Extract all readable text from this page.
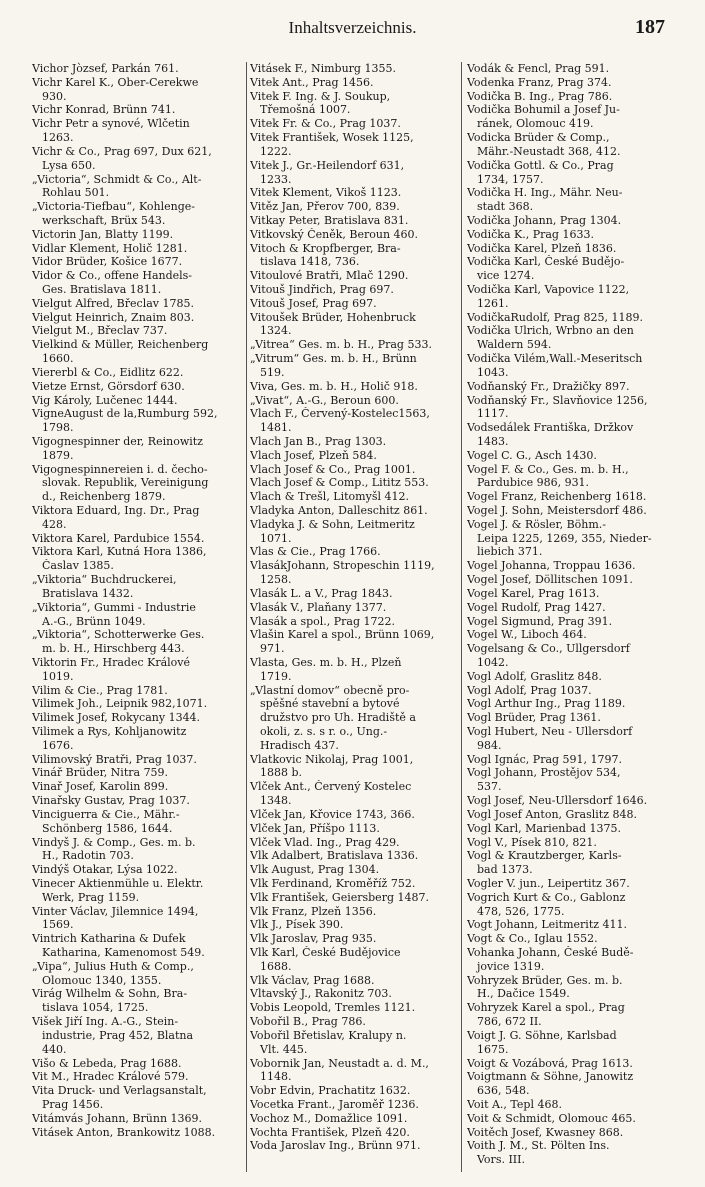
Inhaltsverzeichnis.	187
Vichor Jòzsef, Parkán 761.
Vichr Karel K., Ober-Cerekwe
930.
Vichr Konrad, Brünn 741.
Vichr Petr a synové, Wlčetin
1263.
Vichr & Co., Prag 697, Dux 621,
Lysa 650.
„Victoria“, Schmidt & Co., Alt-
Rohlau 501.
„Victoria-Tiefbau“, Kohlenge-
werkschaft, Brüx 543.
Victorin Jan, Blatty 1199.
Vidlar Klement, Holič 1281.
Vidor Brüder, Košice 1677.
Vidor & Co., offene Handels-
Ges. Bratislava 1811.
Vielgut Alfred, Břeclav 1785.
Vielgut Heinrich, Znaim 803.
Vielgut M., Břeclav 737.
Vielkind & Müller, Reichenberg
1660.
Viererbl & Co., Eidlitz 622.
Vietze Ernst, Görsdorf 630.
Vig Károly, Lučenec 1444.
VigneAugust de la,Rumburg 592,
1798.
Vigognespinner der, Reinowitz
1879.
Vigognespinnereien i. d. čecho-
slovak. Republik, Vereinigung
d., Reichenberg 1879.
Viktora Eduard, Ing. Dr., Prag
428.
Viktora Karel, Pardubice 1554.
Viktora Karl, Kutná Hora 1386,
Časlav 1385.
„Viktoria“ Buchdruckerei,
Bratislava 1432.
„Viktoria“, Gummi - Industrie
A.-G., Brünn 1049.
„Viktoria“, Schotterwerke Ges.
m. b. H., Hirschberg 443.
Viktorin Fr., Hradec Králové
1019.
Vilim & Cie., Prag 1781.
Vilimek Joh., Leipnik 982,1071.
Vilimek Josef, Rokycany 1344.
Vilimek a Rys, Kohljanowitz
1676.
Vilimovský Bratři, Prag 1037.
Vinář Brüder, Nitra 759.
Vinař Josef, Karolin 899.
Vinařsky Gustav, Prag 1037.
Vinciguerra & Cie., Mähr.-
Schönberg 1586, 1644.
Vindyš J. & Comp., Ges. m. b.
H., Radotin 703.
Vindýš Otakar, Lýsa 1022.
Vinecer Aktienmühle u. Elektr.
Werk, Prag 1159.
Vinter Václav, Jilemnice 1494,
1569.
Vintrich Katharina & Dufek
Katharina, Kamenomost 549.
„Vipa“, Julius Huth & Comp.,
Olomouc 1340, 1355.
Virág Wilhelm & Sohn, Bra-
tislava 1054, 1725.
Višek Jiří Ing. A.-G., Stein-
industrie, Prag 452, Blatna
440.
Višo & Lebeda, Prag 1688.
Vit M., Hradec Králové 579.
Vita Druck- und Verlagsanstalt,
Prag 1456.
Vitámvás Johann, Brünn 1369.
Vitásek Anton, Brankowitz 1088.
Vitásek F., Nimburg 1355.
Vitek Ant., Prag 1456.
Vitek F. Ing. & J. Soukup,
Třemošná 1007.
Vitek Fr. & Co., Prag 1037.
Vitek František, Wosek 1125,
1222.
Vitek J., Gr.-Heilendorf 631,
1233.
Vitek Klement, Vikoš 1123.
Vitěz Jan, Přerov 700, 839.
Vitkay Peter, Bratislava 831.
Vitkovský Čeněk, Beroun 460.
Vitoch & Kropfberger, Bra-
tislava 1418, 736.
Vitoulové Bratři, Mlač 1290.
Vitouš Jindřich, Prag 697.
Vitouš Josef, Prag 697.
Vitoušek Brüder, Hohenbruck
1324.
„Vitrea“ Ges. m. b. H., Prag 533.
„Vitrum“ Ges. m. b. H., Brünn
519.
Viva, Ges. m. b. H., Holič 918.
„Vivat“, A.-G., Beroun 600.
Vlach F., Červený-Kostelec1563,
1481.
Vlach Jan B., Prag 1303.
Vlach Josef, Plzeň 584.
Vlach Josef & Co., Prag 1001.
Vlach Josef & Comp., Lititz 553.
Vlach & Trešl, Litomyšl 412.
Vladyka Anton, Dalleschitz 861.
Vladyka J. & Sohn, Leitmeritz
1071.
Vlas & Cie., Prag 1766.
VlasákJohann, Stropeschin 1119,
1258.
Vlasák L. a V., Prag 1843.
Vlasák V., Plaňany 1377.
Vlasák a spol., Prag 1722.
Vlašin Karel a spol., Brünn 1069,
971.
Vlasta, Ges. m. b. H., Plzeň
1719.
„Vlastní domov“ obecně pro-
spěšné stavební a bytové
družstvo pro Uh. Hradiště a
okoli, z. s. s r. o., Ung.-
Hradisch 437.
Vlatkovic Nikolaj, Prag 1001,
1888 b.
Vlček Ant., Červený Kostelec
1348.
Vlček Jan, Křovice 1743, 366.
Vlček Jan, Příšpo 1113.
Vlček Vlad. Ing., Prag 429.
Vlk Adalbert, Bratislava 1336.
Vlk August, Prag 1304.
Vlk Ferdinand, Kroměříž 752.
Vlk František, Geiersberg 1487.
Vlk Franz, Plzeň 1356.
Vlk J., Písek 390.
Vlk Jaroslav, Prag 935.
Vlk Karl, České Budějovice
1688.
Vlk Václav, Prag 1688.
Vltavský J., Rakonitz 703.
Vobis Leopold, Tremles 1121.
Vobořil B., Prag 786.
Vobořil Břetislav, Kralupy n.
Vlt. 445.
Vobornik Jan, Neustadt a. d. M.,
1148.
Vobr Edvin, Prachatitz 1632.
Vocetka Frant., Jaroměř 1236.
Vochoz M., Domažlice 1091.
Vochta František, Plzeň 420.
Voda Jaroslav Ing., Brünn 971.
Vodák & Fencl, Prag 591.
Vodenka Franz, Prag 374.
Vodička B. Ing., Prag 786.
Vodička Bohumil a Josef Ju-
ránek, Olomouc 419.
Vodicka Brüder & Comp.,
Mähr.-Neustadt 368, 412.
Vodička Gottl. & Co., Prag
1734, 1757.
Vodička H. Ing., Mähr. Neu-
stadt 368.
Vodička Johann, Prag 1304.
Vodička K., Prag 1633.
Vodička Karel, Plzeň 1836.
Vodička Karl, České Budějo-
vice 1274.
Vodička Karl, Vapovice 1122,
1261.
VodičkaRudolf, Prag 825, 1189.
Vodička Ulrich, Wrbno an den
Waldern 594.
Vodička Vilém,Wall.-Meseritsch
1043.
Vodňanský Fr., Dražičky 897.
Vodňanský Fr., Slavňovice 1256,
1117.
Vodsedálek Františka, Držkov
1483.
Vogel C. G., Asch 1430.
Vogel F. & Co., Ges. m. b. H.,
Pardubice 986, 931.
Vogel Franz, Reichenberg 1618.
Vogel J. Sohn, Meistersdorf 486.
Vogel J. & Rösler, Böhm.-
Leipa 1225, 1269, 355, Nieder-
liebich 371.
Vogel Johanna, Troppau 1636.
Vogel Josef, Döllitschen 1091.
Vogel Karel, Prag 1613.
Vogel Rudolf, Prag 1427.
Vogel Sigmund, Prag 391.
Vogel W., Liboch 464.
Vogelsang & Co., Ullgersdorf
1042.
Vogl Adolf, Graslitz 848.
Vogl Adolf, Prag 1037.
Vogl Arthur Ing., Prag 1189.
Vogl Brüder, Prag 1361.
Vogl Hubert, Neu - Ullersdorf
984.
Vogl Ignác, Prag 591, 1797.
Vogl Johann, Prostějov 534,
537.
Vogl Josef, Neu-Ullersdorf 1646.
Vogl Josef Anton, Graslitz 848.
Vogl Karl, Marienbad 1375.
Vogl V., Písek 810, 821.
Vogl & Krautzberger, Karls-
bad 1373.
Vogler V. jun., Leipertitz 367.
Vogrich Kurt & Co., Gablonz
478, 526, 1775.
Vogt Johann, Leitmeritz 411.
Vogt & Co., Iglau 1552.
Vohanka Johann, České Budě-
jovice 1319.
Vohryzek Brüder, Ges. m. b.
H., Dačice 1549.
Vohryzek Karel a spol., Prag
786, 672 II.
Voigt J. G. Söhne, Karlsbad
1675.
Voigt & Vozábová, Prag 1613.
Voigtmann & Söhne, Janowitz
636, 548.
Voit A., Tepl 468.
Voit & Schmidt, Olomouc 465.
Voitěch Josef, Kwasney 868.
Voith J. M., St. Pölten Ins.
Vors. III.
